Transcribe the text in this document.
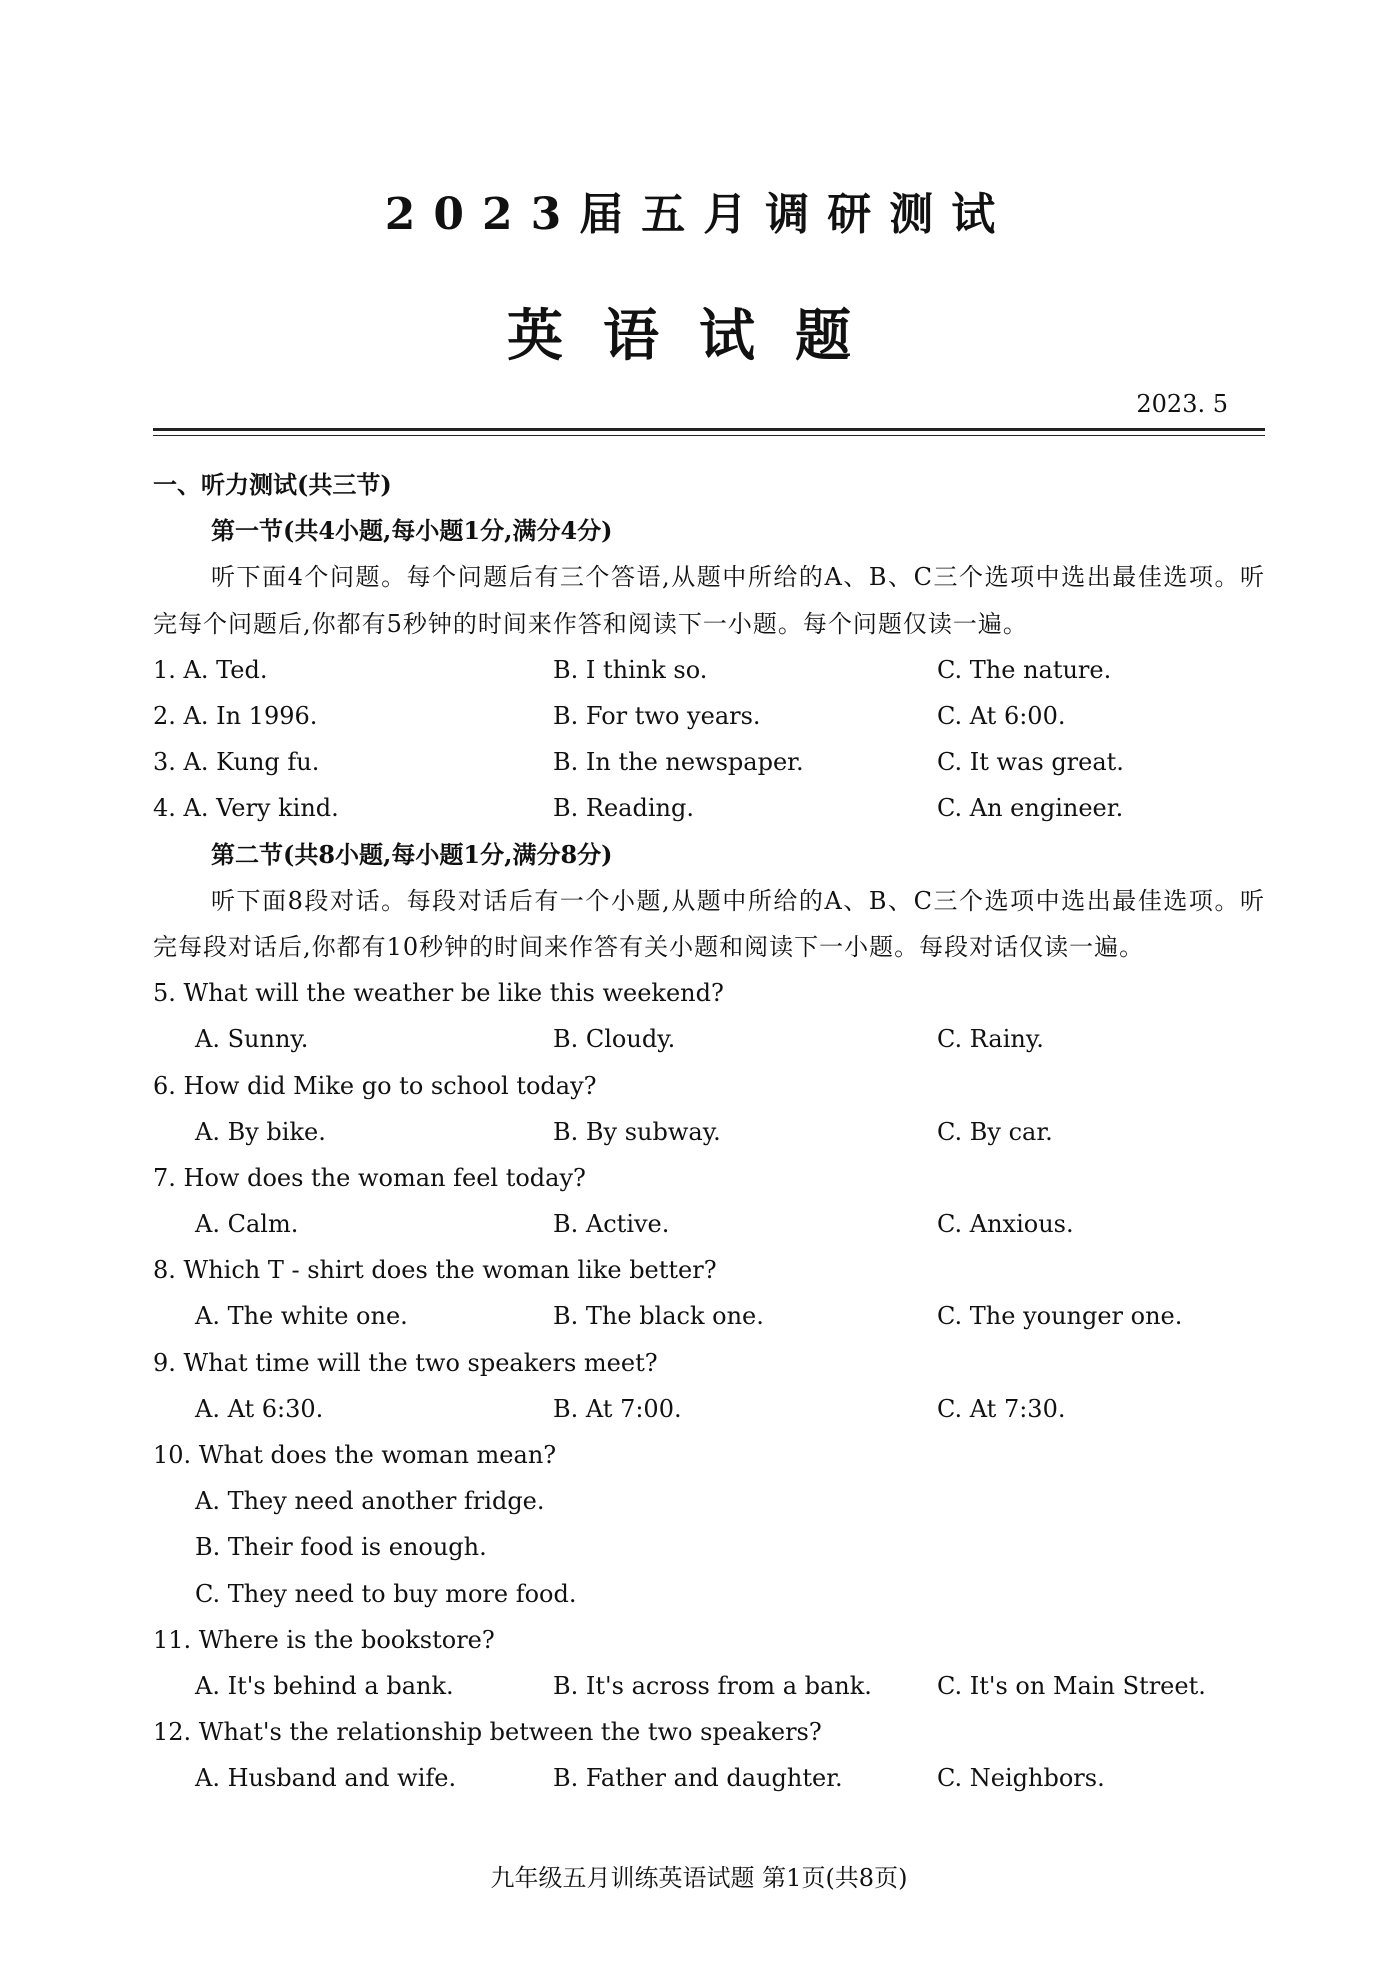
2023届五月调研测试
英语试题
2023. 5
一、听力测试(共三节)
第一节(共4小题,每小题1分,满分4分)
听下面4个问题。每个问题后有三个答语,从题中所给的A、B、C三个选项中选出最佳选项。听完每个问题后,你都有5秒钟的时间来作答和阅读下一小题。每个问题仅读一遍。
1. A. Ted.	B. I think so.	C. The nature.
2. A. In 1996.	B. For two years.	C. At 6:00.
3. A. Kung fu.	B. In the newspaper.	C. It was great.
4. A. Very kind.	B. Reading.	C. An engineer.
第二节(共8小题,每小题1分,满分8分)
听下面8段对话。每段对话后有一个小题,从题中所给的A、B、C三个选项中选出最佳选项。听完每段对话后,你都有10秒钟的时间来作答有关小题和阅读下一小题。每段对话仅读一遍。
5. What will the weather be like this weekend?
A. Sunny.	B. Cloudy.	C. Rainy.
6. How did Mike go to school today?
A. By bike.	B. By subway.	C. By car.
7. How does the woman feel today?
A. Calm.	B. Active.	C. Anxious.
8. Which T - shirt does the woman like better?
A. The white one.	B. The black one.	C. The younger one.
9. What time will the two speakers meet?
A. At 6:30.	B. At 7:00.	C. At 7:30.
10. What does the woman mean?
A. They need another fridge.
B. Their food is enough.
C. They need to buy more food.
11. Where is the bookstore?
A. It's behind a bank.	B. It's across from a bank.	C. It's on Main Street.
12. What's the relationship between the two speakers?
A. Husband and wife.	B. Father and daughter.	C. Neighbors.
九年级五月训练英语试题 第1页(共8页)
